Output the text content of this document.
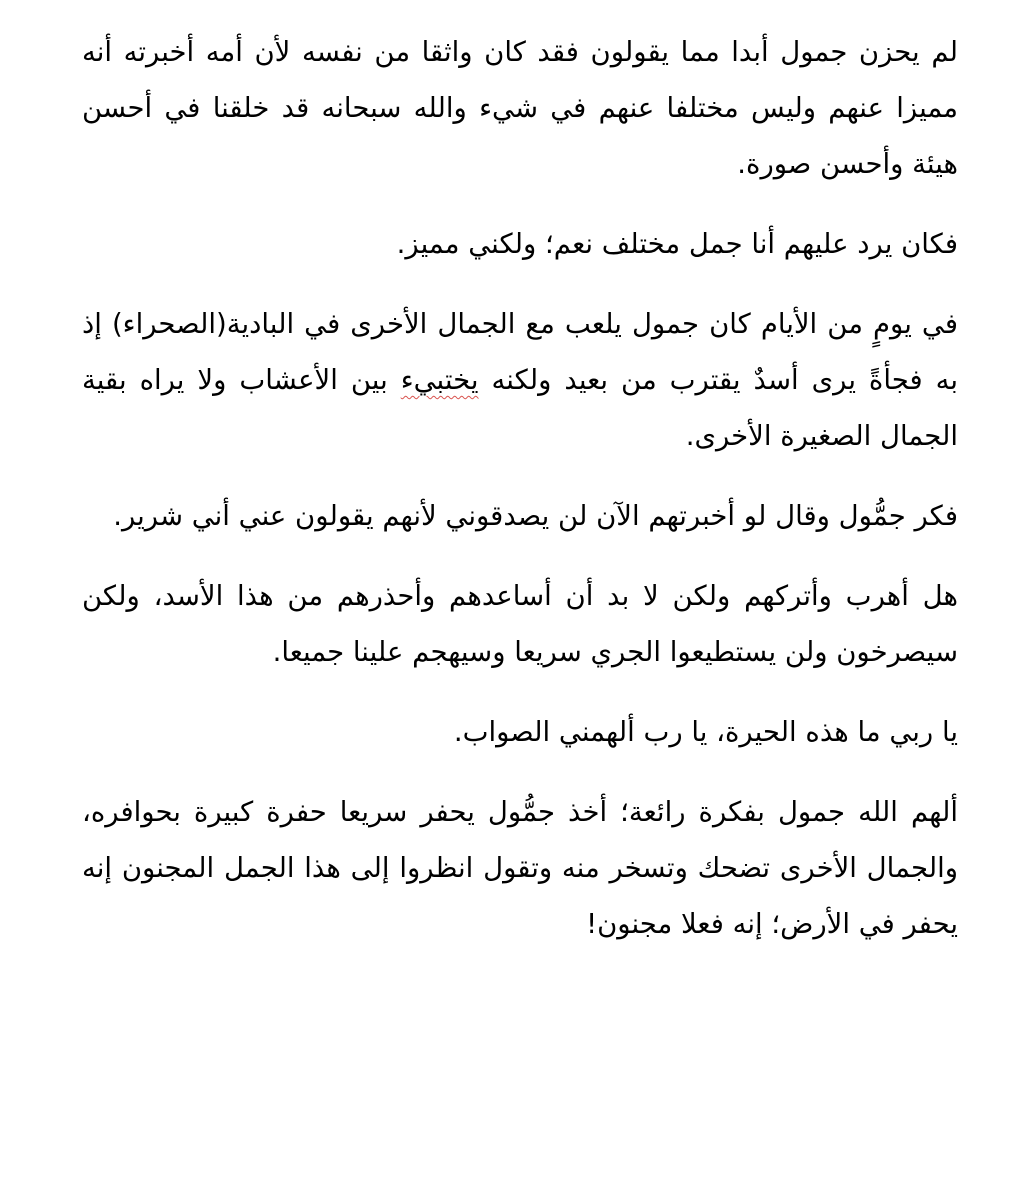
لم يحزن جمول أبدا مما يقولون فقد كان واثقا من نفسه لأن أمه أخبرته أنه مميزا عنهم وليس مختلفا عنهم في شيء والله سبحانه قد خلقنا في أحسن هيئة وأحسن صورة.

فكان يرد عليهم أنا جمل مختلف نعم؛ ولكني مميز.

في يومٍ من الأيام كان جمول يلعب مع الجمال الأخرى في البادية(الصحراء) إذ به فجأةً يرى أسدٌ يقترب من بعيد ولكنه يختبيء بين الأعشاب ولا يراه بقية الجمال الصغيرة الأخرى.

فكر جمُّول وقال لو أخبرتهم الآن لن يصدقوني لأنهم يقولون عني أني شرير.

هل أهرب وأتركهم ولكن لا بد أن أساعدهم وأحذرهم من هذا الأسد، ولكن سيصرخون ولن يستطيعوا الجري سريعا وسيهجم علينا جميعا.

يا ربي ما هذه الحيرة، يا رب ألهمني الصواب.

ألهم الله جمول بفكرة رائعة؛ أخذ جمُّول يحفر سريعا حفرة كبيرة بحوافره، والجمال الأخرى تضحك وتسخر منه وتقول انظروا إلى هذا الجمل المجنون إنه يحفر في الأرض؛ إنه فعلا مجنون!
